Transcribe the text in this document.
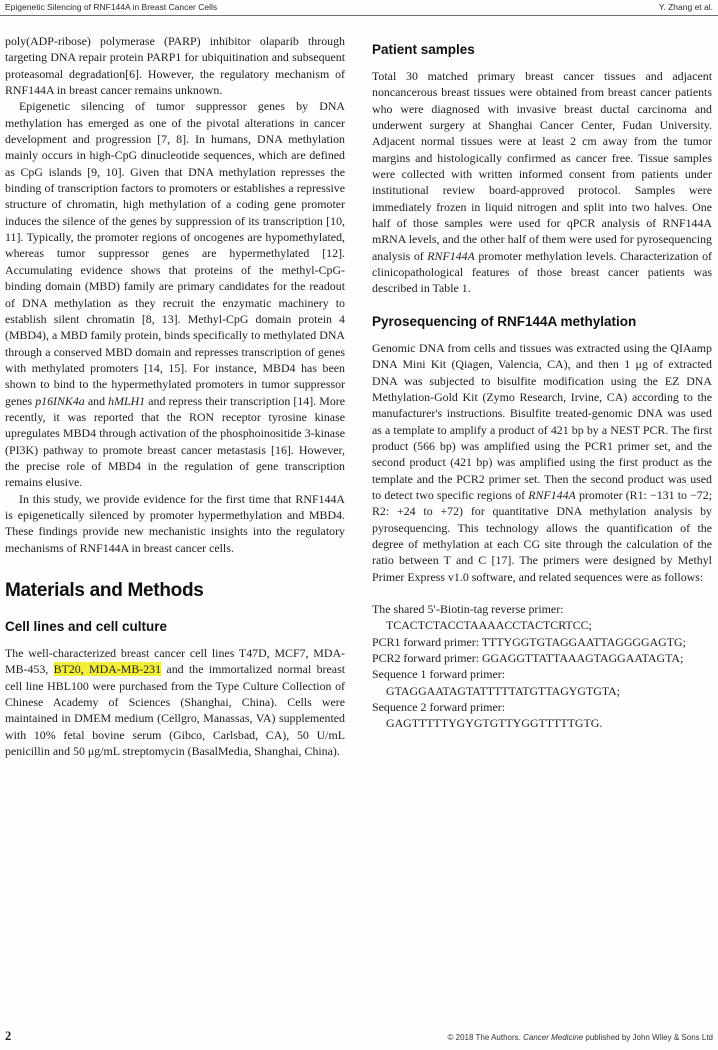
Epigenetic Silencing of RNF144A in Breast Cancer Cells	Y. Zhang et al.

poly(ADP-ribose) polymerase (PARP) inhibitor olaparib through targeting DNA repair protein PARP1 for ubiquitination and subsequent proteasomal degradation[6]. However, the regulatory mechanism of RNF144A in breast cancer remains unknown.

Epigenetic silencing of tumor suppressor genes by DNA methylation has emerged as one of the pivotal alterations in cancer development and progression [7, 8]. In humans, DNA methylation mainly occurs in high-CpG dinucleotide sequences, which are defined as CpG islands [9, 10]. Given that DNA methylation represses the binding of transcription factors to promoters or establishes a repressive structure of chromatin, high methylation of a coding gene promoter induces the silence of the genes by suppression of its transcription [10, 11]. Typically, the promoter regions of oncogenes are hypomethylated, whereas tumor suppressor genes are hypermethylated [12]. Accumulating evidence shows that proteins of the methyl-CpG-binding domain (MBD) family are primary candidates for the readout of DNA methylation as they recruit the enzymatic machinery to establish silent chromatin [8, 13]. Methyl-CpG domain protein 4 (MBD4), a MBD family protein, binds specifically to methylated DNA through a conserved MBD domain and represses transcription of genes with methylated promoters [14, 15]. For instance, MBD4 has been shown to bind to the hypermethylated promoters in tumor suppressor genes p16INK4a and hMLH1 and repress their transcription [14]. More recently, it was reported that the RON receptor tyrosine kinase upregulates MBD4 through activation of the phosphoinositide 3-kinase (PI3K) pathway to promote breast cancer metastasis [16]. However, the precise role of MBD4 in the regulation of gene transcription remains elusive.

In this study, we provide evidence for the first time that RNF144A is epigenetically silenced by promoter hypermethylation and MBD4. These findings provide new mechanistic insights into the regulatory mechanisms of RNF144A in breast cancer cells.

Materials and Methods
Cell lines and cell culture

The well-characterized breast cancer cell lines T47D, MCF7, MDA-MB-453, BT20, MDA-MB-231 and the immortalized normal breast cell line HBL100 were purchased from the Type Culture Collection of Chinese Academy of Sciences (Shanghai, China). Cells were maintained in DMEM medium (Cellgro, Manassas, VA) supplemented with 10% fetal bovine serum (Gibco, Carlsbad, CA), 50 U/mL penicillin and 50 μg/mL streptomycin (BasalMedia, Shanghai, China).

Patient samples

Total 30 matched primary breast cancer tissues and adjacent noncancerous breast tissues were obtained from breast cancer patients who were diagnosed with invasive breast ductal carcinoma and underwent surgery at Shanghai Cancer Center, Fudan University. Adjacent normal tissues were at least 2 cm away from the tumor margins and histologically confirmed as cancer free. Tissue samples were collected with written informed consent from patients under institutional review board-approved protocol. Samples were immediately frozen in liquid nitrogen and split into two halves. One half of those samples were used for qPCR analysis of RNF144A mRNA levels, and the other half of them were used for pyrosequencing analysis of RNF144A promoter methylation levels. Characterization of clinicopathological features of those breast cancer patients was described in Table 1.

Pyrosequencing of RNF144A methylation

Genomic DNA from cells and tissues was extracted using the QIAamp DNA Mini Kit (Qiagen, Valencia, CA), and then 1 μg of extracted DNA was subjected to bisulfite modification using the EZ DNA Methylation-Gold Kit (Zymo Research, Irvine, CA) according to the manufacturer's instructions. Bisulfite treated-genomic DNA was used as a template to amplify a product of 421 bp by a NEST PCR. The first product (566 bp) was amplified using the PCR1 primer set, and the second product (421 bp) was amplified using the first product as the template and the PCR2 primer set. Then the second product was used to detect two specific regions of RNF144A promoter (R1: −131 to −72; R2: +24 to +72) for quantitative DNA methylation analysis by pyrosequencing. This technology allows the quantification of the degree of methylation at each CG site through the calculation of the ratio between T and C [17]. The primers were designed by Methyl Primer Express v1.0 software, and related sequences were as follows:

The shared 5′-Biotin-tag reverse primer: TCACTCTACCTAAAACCTACTCRTCC;
PCR1 forward primer: TTTYGGTGTAGGAATTAGGGGAGTG;
PCR2 forward primer: GGAGGTTATTAAAGTAGGAATAGTA;
Sequence 1 forward primer: GTAGGAATAGTATTTTTATGTTAGYGTGTA;
Sequence 2 forward primer: GAGTTTTTYGYGTGTTYGGTTTTTGTG.
2	© 2018 The Authors. Cancer Medicine published by John Wiley & Sons Ltd
